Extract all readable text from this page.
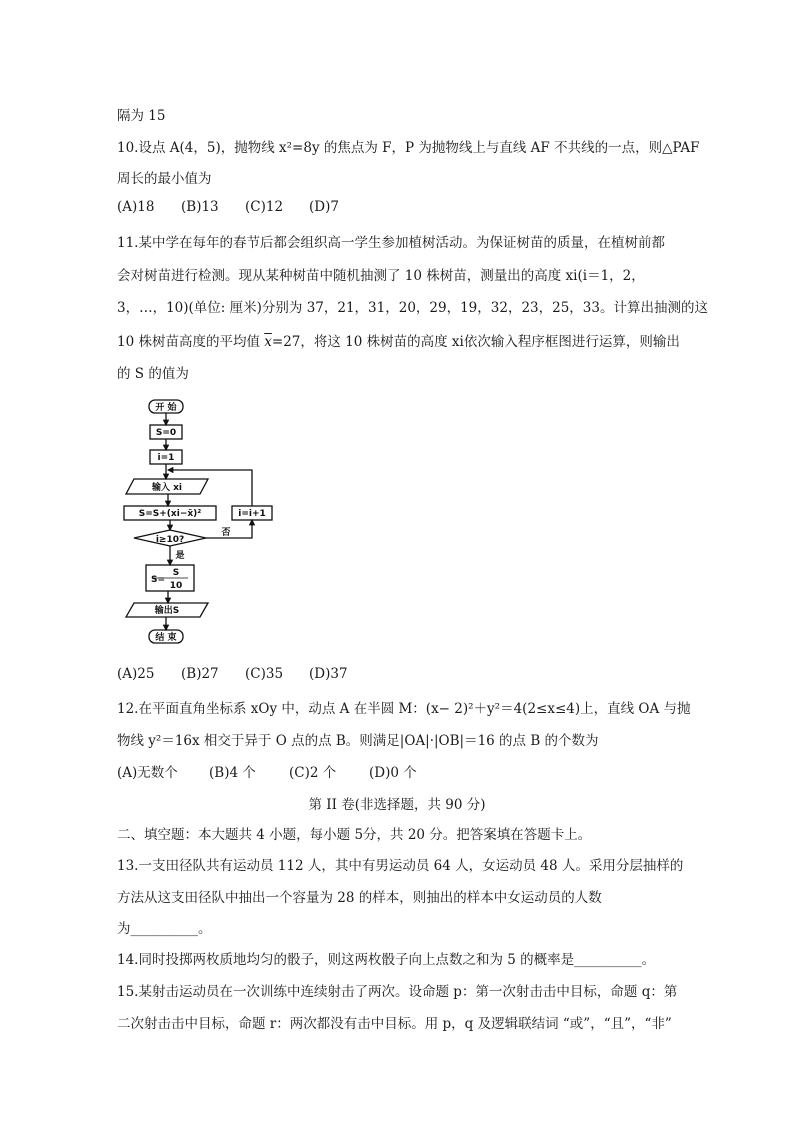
隔为 15
10.设点 A(4，5)，抛物线 x²=8y 的焦点为 F，P 为抛物线上与直线 AF 不共线的一点，则△PAF
周长的最小值为
(A)18 (B)13 (C)12 (D)7
11.某中学在每年的春节后都会组织高一学生参加植树活动。为保证树苗的质量，在植树前都
会对树苗进行检测。现从某种树苗中随机抽测了 10 株树苗，测量出的高度 xi(i＝1，2，
3，…，10)(单位: 厘米)分别为 37，21，31，20，29，19，32，23，25，33。计算出抽测的这
10 株树苗高度的平均值 $\overline{x}=27$，将这 10 株树苗的高度 xi依次输入程序框图进行运算，则输出
的 S 的值为
开 始
S=0
i=1
输入 xi
S=S+(xi−x̄)²	i=i+1
i≥10?
否
是
S=
S
10
输出S
结 束
(A)25 (B)27 (C)35 (D)37
12.在平面直角坐标系 xOy 中，动点 A 在半圆 M：(x− 2)²＋y²＝4(2≤x≤4)上，直线 OA 与抛
物线 y²＝16x 相交于异于 O 点的点 B。则满足|OA|·|OB|＝16 的点 B 的个数为
(A)无数个 (B)4 个 (C)2 个 (D)0 个
第 II 卷(非选择题，共 90 分)
二、填空题：本大题共 4 小题，每小题 5分，共 20 分。把答案填在答题卡上。
13.一支田径队共有运动员 112 人，其中有男运动员 64 人，女运动员 48 人。采用分层抽样的
方法从这支田径队中抽出一个容量为 28 的样本，则抽出的样本中女运动员的人数
为__________。
14.同时投掷两枚质地均匀的骰子，则这两枚骰子向上点数之和为 5 的概率是__________。
15.某射击运动员在一次训练中连续射击了两次。设命题 p：第一次射击击中目标，命题 q：第
二次射击击中目标，命题 r：两次都没有击中目标。用 p，q 及逻辑联结词 “或”，“且”，“非”
